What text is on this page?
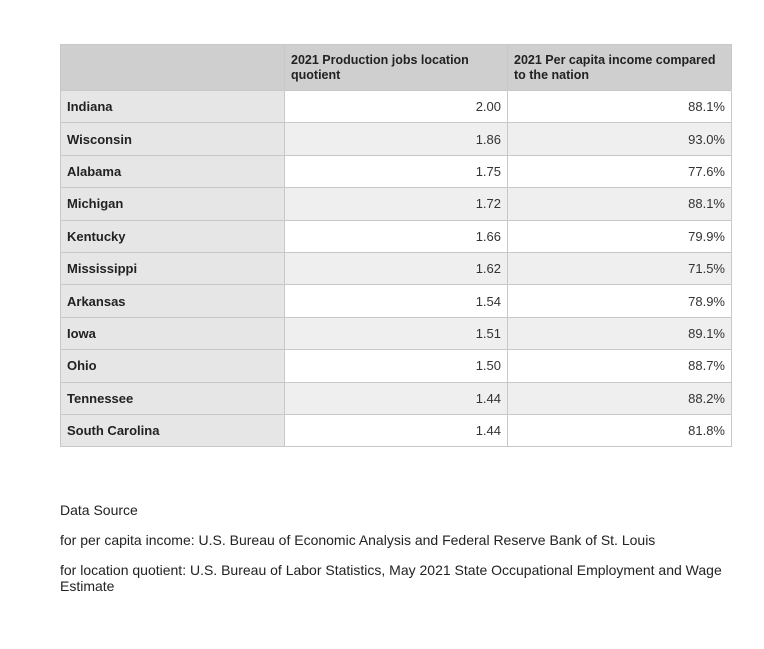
	2021 Production jobs location quotient	2021 Per capita income compared to the nation
Indiana	2.00	88.1%
Wisconsin	1.86	93.0%
Alabama	1.75	77.6%
Michigan	1.72	88.1%
Kentucky	1.66	79.9%
Mississippi	1.62	71.5%
Arkansas	1.54	78.9%
Iowa	1.51	89.1%
Ohio	1.50	88.7%
Tennessee	1.44	88.2%
South Carolina	1.44	81.8%

Data Source

for per capita income: U.S. Bureau of Economic Analysis and Federal Reserve Bank of St. Louis

for location quotient: U.S. Bureau of Labor Statistics, May 2021 State Occupational Employment and Wage Estimate
